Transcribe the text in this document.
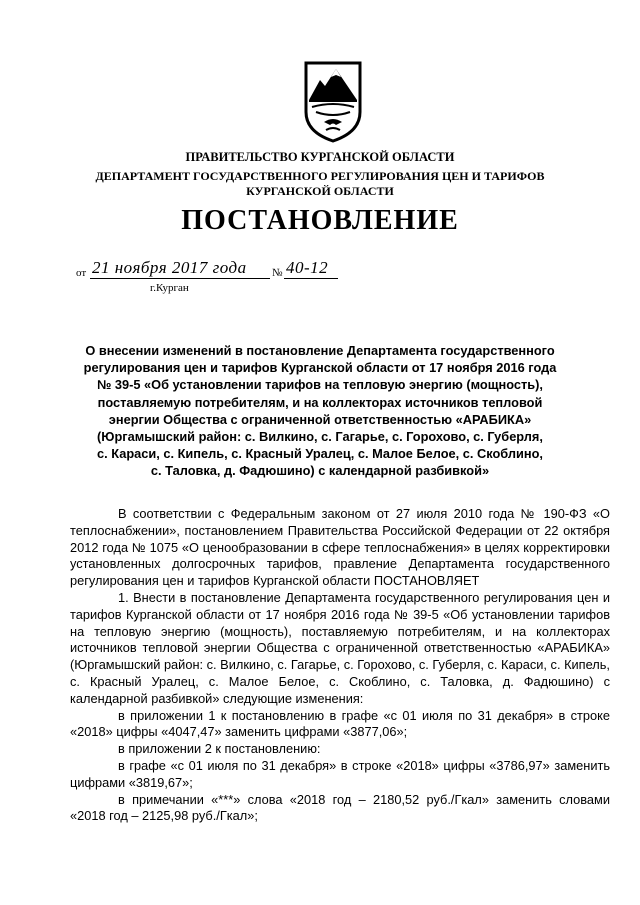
ПРАВИТЕЛЬСТВО КУРГАНСКОЙ ОБЛАСТИ
ДЕПАРТАМЕНТ ГОСУДАРСТВЕННОГО РЕГУЛИРОВАНИЯ ЦЕН И ТАРИФОВ
КУРГАНСКОЙ ОБЛАСТИ
ПОСТАНОВЛЕНИЕ
от 21 ноября 2017 года № 40-12
г.Курган
О внесении изменений в постановление Департамента государственного
регулирования цен и тарифов Курганской области от 17 ноября 2016 года
№ 39-5 «Об установлении тарифов на тепловую энергию (мощность),
поставляемую потребителям, и на коллекторах источников тепловой
энергии Общества с ограниченной ответственностью «АРАБИКА»
(Юргамышский район: с. Вилкино, с. Гагарье, с. Горохово, с. Губерля,
с. Караси, с. Кипель, с. Красный Уралец, с. Малое Белое, с. Скоблино,
с. Таловка, д. Фадюшино) с календарной разбивкой»

В соответствии с Федеральным законом от 27 июля 2010 года № 190-ФЗ «О теплоснабжении», постановлением Правительства Российской Федерации от 22 октября 2012 года № 1075 «О ценообразовании в сфере теплоснабжения» в целях корректировки установленных долгосрочных тарифов, правление Департамента государственного регулирования цен и тарифов Курганской области ПОСТАНОВЛЯЕТ

1. Внести в постановление Департамента государственного регулирования цен и тарифов Курганской области от 17 ноября 2016 года № 39-5 «Об установлении тарифов на тепловую энергию (мощность), поставляемую потребителям, и на коллекторах источников тепловой энергии Общества с ограниченной ответственностью «АРАБИКА» (Юргамышский район: с. Вилкино, с. Гагарье, с. Горохово, с. Губерля, с. Караси, с. Кипель, с. Красный Уралец, с. Малое Белое, с. Скоблино, с. Таловка, д. Фадюшино) с календарной разбивкой» следующие изменения:

в приложении 1 к постановлению в графе «с 01 июля по 31 декабря» в строке «2018» цифры «4047,47» заменить цифрами «3877,06»;

в приложении 2 к постановлению:

в графе «с 01 июля по 31 декабря» в строке «2018» цифры «3786,97» заменить цифрами «3819,67»;

в примечании «***» слова «2018 год – 2180,52 руб./Гкал» заменить словами «2018 год – 2125,98 руб./Гкал»;
